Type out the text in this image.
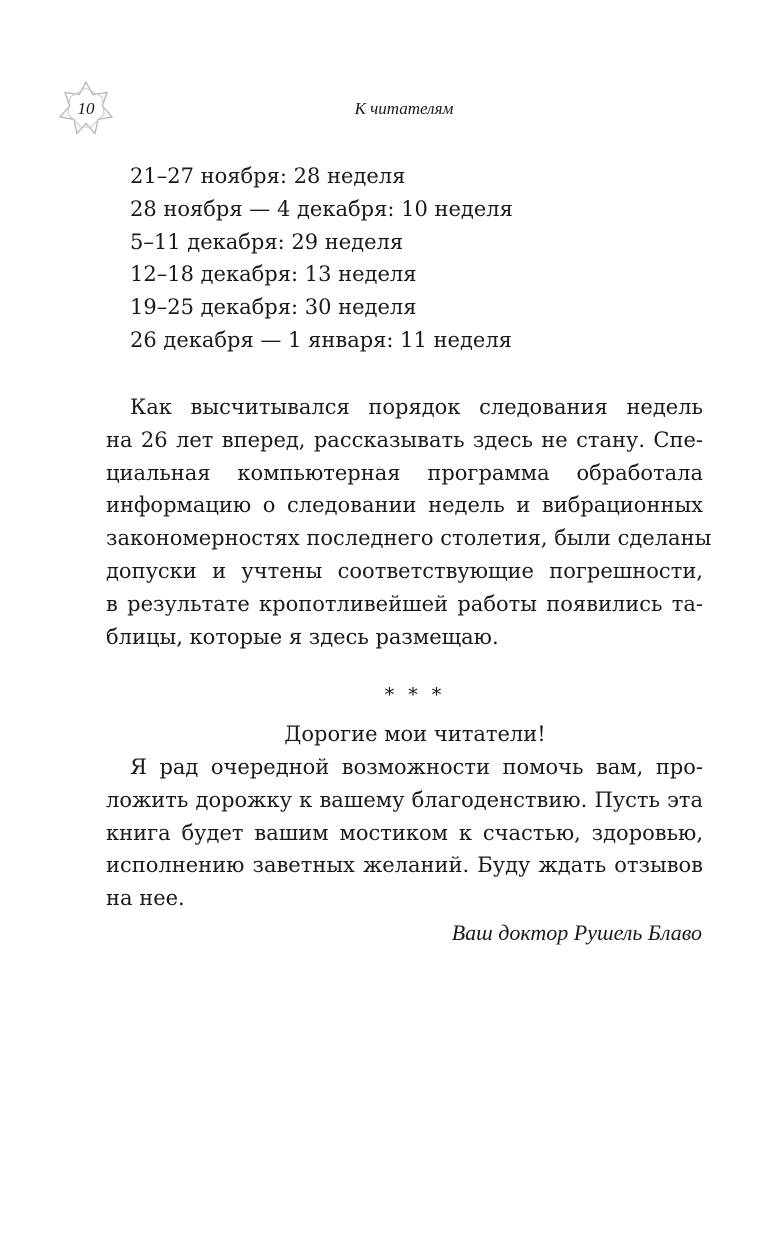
10	К читателям
21–27 ноября: 28 неделя
28 ноября — 4 декабря: 10 неделя
5–11 декабря: 29 неделя
12–18 декабря: 13 неделя
19–25 декабря: 30 неделя
26 декабря — 1 января: 11 неделя
Как высчитывался порядок следования недель
на 26 лет вперед, рассказывать здесь не стану. Спе-
циальная компьютерная программа обработала
информацию о следовании недель и вибрационных
закономерностях последнего столетия, были сделаны
допуски и учтены соответствующие погрешности,
в результате кропотливейшей работы появились та-
блицы, которые я здесь размещаю.
* * *
Дорогие мои читатели!
Я рад очередной возможности помочь вам, про-
ложить дорожку к вашему благоденствию. Пусть эта
книга будет вашим мостиком к счастью, здоровью,
исполнению заветных желаний. Буду ждать отзывов
на нее.
Ваш доктор Рушель Блаво
